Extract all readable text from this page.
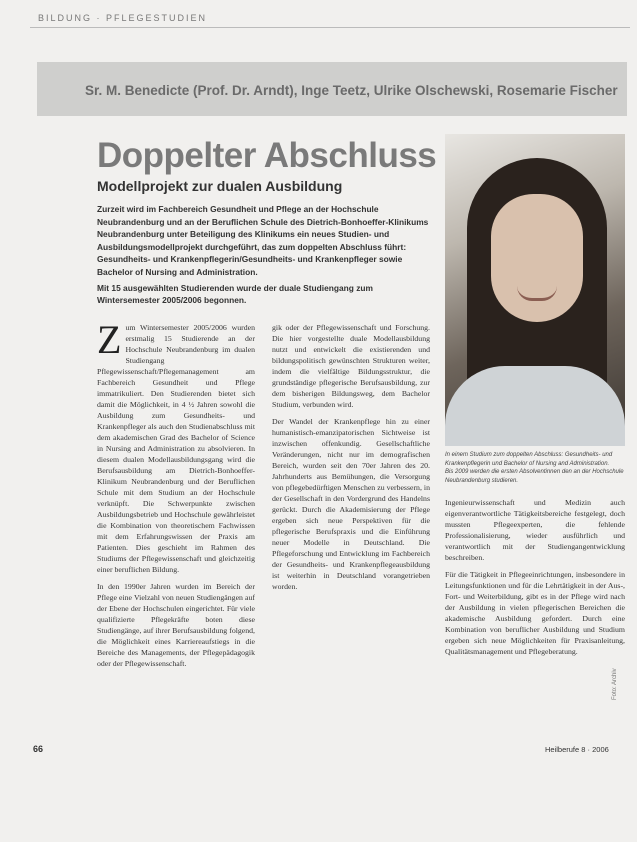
BILDUNG · PFLEGESTUDIEN
Sr. M. Benedicte (Prof. Dr. Arndt), Inge Teetz, Ulrike Olschewski, Rosemarie Fischer
Doppelter Abschluss
Modellprojekt zur dualen Ausbildung

Zurzeit wird im Fachbereich Gesundheit und Pflege an der Hochschule Neubrandenburg und an der Beruflichen Schule des Dietrich-Bonhoeffer-Klinikums Neubrandenburg unter Beteiligung des Klinikums ein neues Studien- und Ausbildungsmodellprojekt durchgeführt, das zum doppelten Abschluss führt: Gesundheits- und Krankenpflegerin/Gesundheits- und Krankenpfleger sowie Bachelor of Nursing and Administration.

Mit 15 ausgewählten Studierenden wurde der duale Studiengang zum Wintersemester 2005/2006 begonnen.

In einem Studium zum doppelten Abschluss: Gesundheits- und Krankenpflegerin und Bachelor of Nursing and Administration.

Bis 2009 werden die ersten Absolventinnen den an der Hochschule Neubrandenburg studieren.

Zum Wintersemester 2005/2006 wurden erstmalig 15 Studierende an der Hochschule Neubrandenburg im dualen Studiengang Pflegewissenschaft/Pflegemanagement am Fachbereich Gesundheit und Pflege immatrikuliert. Den Studierenden bietet sich damit die Möglichkeit, in 4 ½ Jahren sowohl die Ausbildung zum Gesundheits- und Krankenpfleger als auch den Studienabschluss mit dem akademischen Grad des Bachelor of Science in Nursing and Administration zu absolvieren. In diesem dualen Modellausbildungsgang wird die Berufsausbildung am Dietrich-Bonhoeffer-Klinikum Neubrandenburg und der Beruflichen Schule mit dem Studium an der Hochschule verknüpft. Die Schwerpunkte zwischen Ausbildungsbetrieb und Hochschule gewährleistet die Kombination von theoretischem Fachwissen mit dem Erfahrungswissen der Praxis am Patienten. Dies geschieht im Rahmen des Studiums der Pflegewissenschaft und gleichzeitig einer beruflichen Bildung.

In den 1990er Jahren wurden im Bereich der Pflege eine Vielzahl von neuen Studiengängen auf der Ebene der Hochschulen eingerichtet. Für viele qualifizierte Pflegekräfte boten diese Studiengänge, auf ihrer Berufsausbildung folgend, die Möglichkeit eines Karriereaufstiegs in die Bereiche des Managements, der Pflegepädagogik oder der Pflegewissenschaft.

gik oder der Pflegewissenschaft und Forschung. Die hier vorgestellte duale Modellausbildung nutzt und entwickelt die existierenden und bildungspolitisch gewünschten Strukturen weiter, indem die vielfältige Bildungsstruktur, die grundständige pflegerische Berufsausbildung, zur dem bisherigen Bildungsweg, dem Bachelor Studium, verbunden wird.

Der Wandel der Krankenpflege hin zu einer humanistisch-emanzipatorischen Sichtweise ist inzwischen offenkundig. Gesellschaftliche Veränderungen, nicht nur im demografischen Bereich, wurden seit den 70er Jahren des 20. Jahrhunderts aus Bemühungen, die Versorgung von pflegebedürftigen Menschen zu verbessern, in der Gesellschaft in den Vordergrund des Handelns gerückt. Durch die Akademisierung der Pflege ergeben sich neue Perspektiven für die pflegerische Berufspraxis und die Einführung neuer Modelle in Deutschland. Die Pflegeforschung und Entwicklung im Fachbereich der Gesundheits- und Krankenpflegeausbildung ist weiterhin in Deutschland vorangetrieben worden.

Ingenieurwissenschaft und Medizin auch eigenverantwortliche Tätigkeitsbereiche festgelegt, doch mussten Pflegeexperten, die fehlende Professionalisierung, wieder ausführlich und verantwortlich mit der Studiengangentwicklung beschreiben.

Für die Tätigkeit in Pflegeeinrichtungen, insbesondere in Leitungsfunktionen und für die Lehrtätigkeit in der Aus-, Fort- und Weiterbildung, gibt es in der Pflege wird nach der Ausbildung in vielen pflegerischen Bereichen die akademische Ausbildung gefordert. Durch eine Kombination von beruflicher Ausbildung und Studium ergeben sich neue Möglichkeiten für Praxisanleitung, Qualitätsmanagement und Pflegeberatung.

Foto: Archiv
66	Heilberufe 8 · 2006
